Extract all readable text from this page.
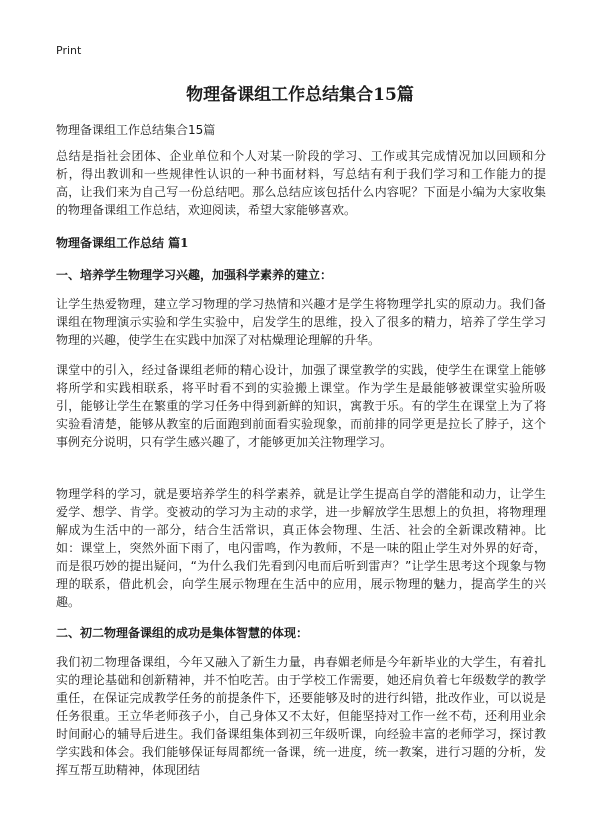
Print
物理备课组工作总结集合15篇

物理备课组工作总结集合15篇

总结是指社会团体、企业单位和个人对某一阶段的学习、工作或其完成情况加以回顾和分析，得出教训和一些规律性认识的一种书面材料，写总结有利于我们学习和工作能力的提高，让我们来为自己写一份总结吧。那么总结应该包括什么内容呢？下面是小编为大家收集的物理备课组工作总结，欢迎阅读，希望大家能够喜欢。

物理备课组工作总结 篇1
一、培养学生物理学习兴趣，加强科学素养的建立：

让学生热爱物理，建立学习物理的学习热情和兴趣才是学生将物理学扎实的原动力。我们备课组在物理演示实验和学生实验中，启发学生的思维，投入了很多的精力，培养了学生学习物理的兴趣，使学生在实践中加深了对枯燥理论理解的升华。

课堂中的引入，经过备课组老师的精心设计，加强了课堂教学的实践，使学生在课堂上能够将所学和实践相联系，将平时看不到的实验搬上课堂。作为学生是最能够被课堂实验所吸引，能够让学生在繁重的学习任务中得到新鲜的知识，寓教于乐。有的学生在课堂上为了将实验看清楚，能够从教室的后面跑到前面看实验现象，而前排的同学更是拉长了脖子，这个事例充分说明，只有学生感兴趣了，才能够更加关注物理学习。

物理学科的学习，就是要培养学生的科学素养，就是让学生提高自学的潜能和动力，让学生爱学、想学、肯学。变被动的学习为主动的求学，进一步解放学生思想上的负担，将物理理解成为生活中的一部分，结合生活常识，真正体会物理、生活、社会的全新课改精神。比如：课堂上，突然外面下雨了，电闪雷鸣，作为教师，不是一味的阻止学生对外界的好奇，而是很巧妙的提出疑问，“为什么我们先看到闪电而后听到雷声？”让学生思考这个现象与物理的联系，借此机会，向学生展示物理在生活中的应用，展示物理的魅力，提高学生的兴趣。

二、初二物理备课组的成功是集体智慧的体现：

我们初二物理备课组，今年又融入了新生力量，冉春媚老师是今年新毕业的大学生，有着扎实的理论基础和创新精神，并不怕吃苦。由于学校工作需要，她还肩负着七年级数学的教学重任，在保证完成教学任务的前提条件下，还要能够及时的进行纠错，批改作业，可以说是任务很重。王立华老师孩子小，自己身体又不太好，但能坚持对工作一丝不苟，还利用业余时间耐心的辅导后进生。我们备课组集体到初三年级听课，向经验丰富的老师学习，探讨教学实践和体会。我们能够保证每周都统一备课，统一进度，统一教案，进行习题的分析，发挥互帮互助精神，体现团结
